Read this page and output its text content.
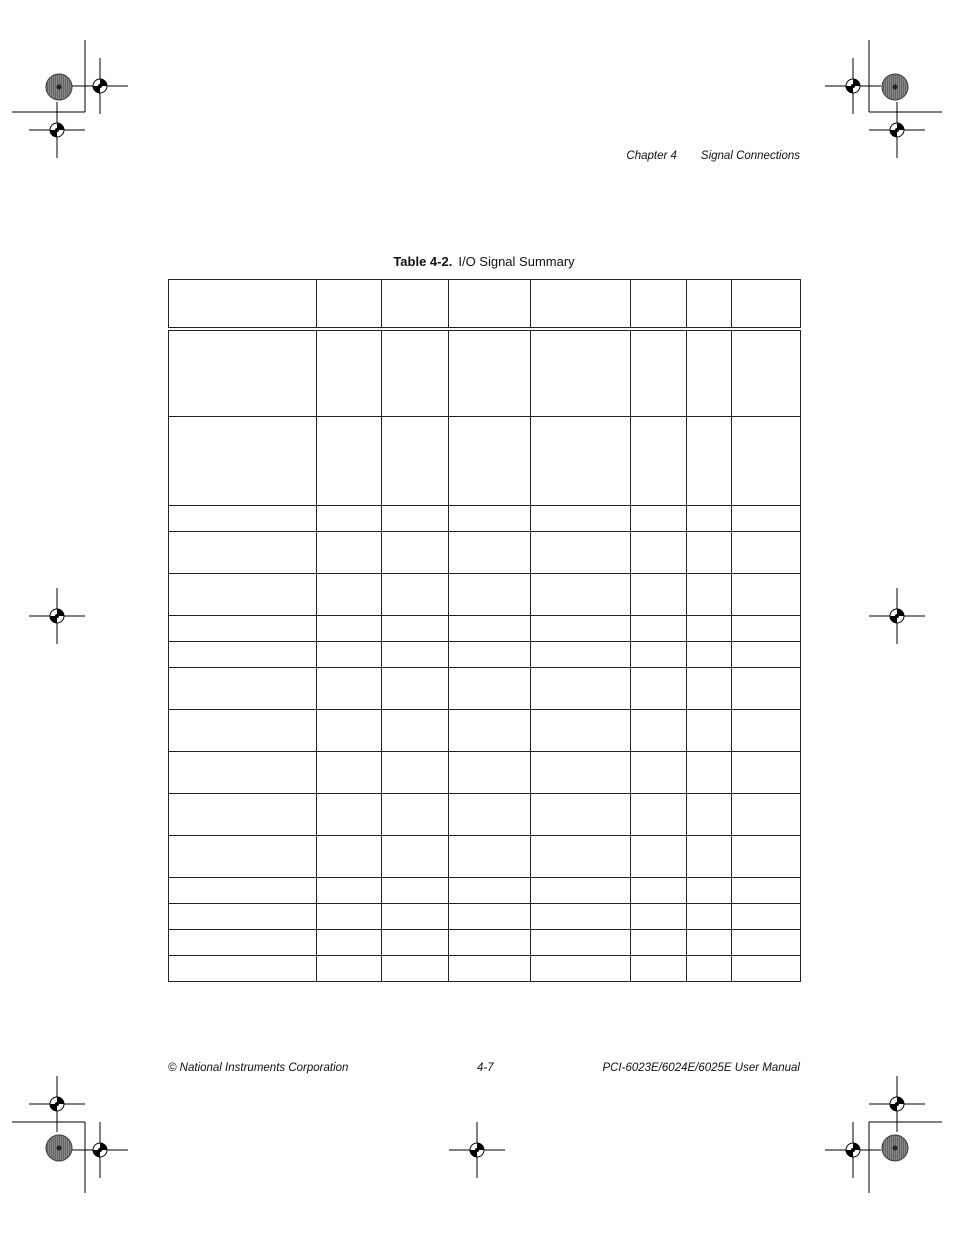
Chapter 4 Signal Connections
Table 4-2. I/O Signal Summary

© National Instruments Corporation	4-7	PCI-6023E/6024E/6025E User Manual
